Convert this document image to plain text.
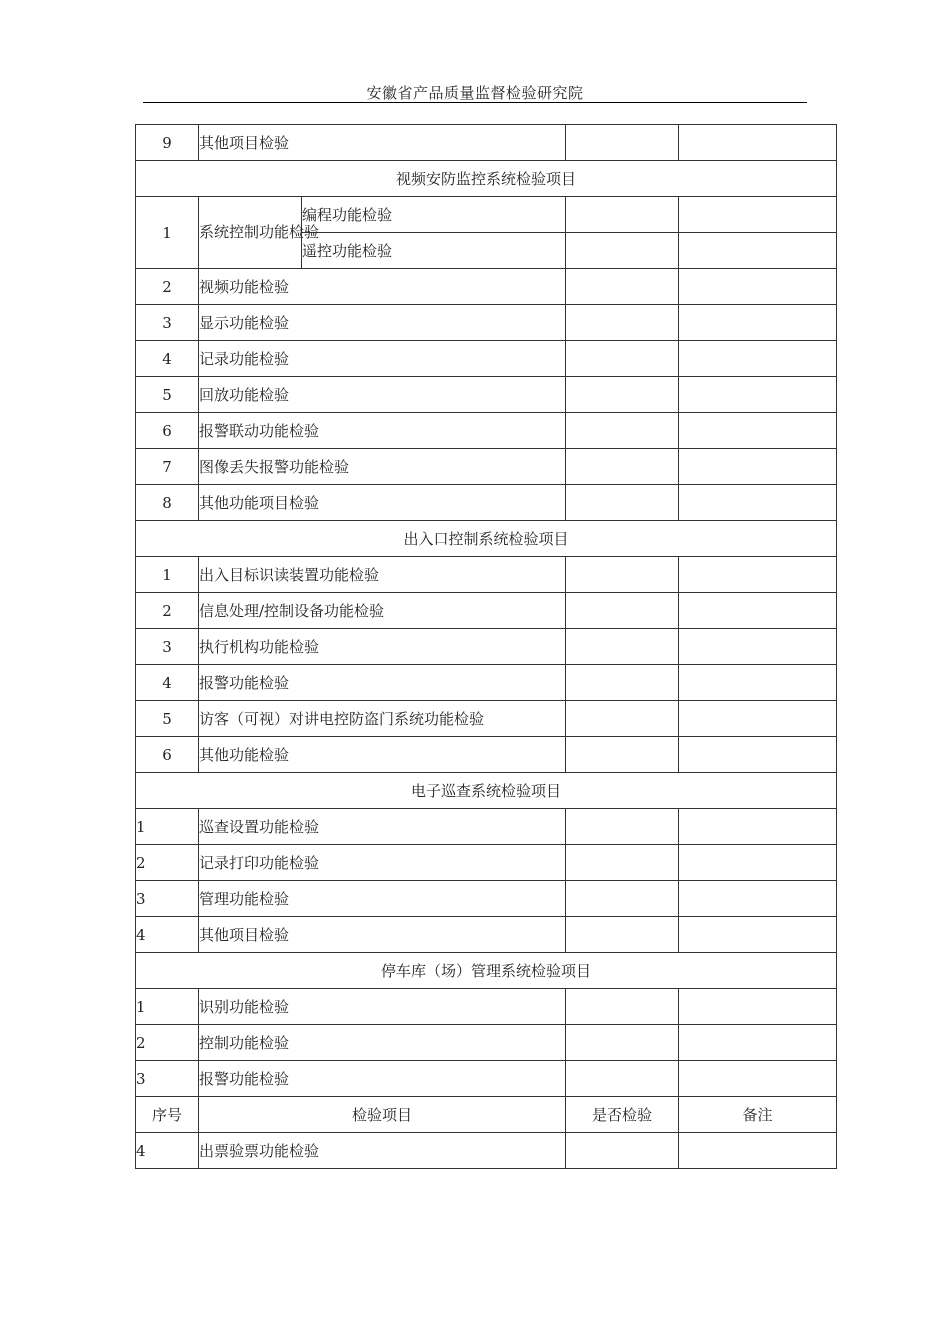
安徽省产品质量监督检验研究院
9	其他项目检验			
视频安防监控系统检验项目				
1	系统控制功能检验	编程功能检验		
		遥控功能检验		
2	视频功能检验			
3	显示功能检验			
4	记录功能检验			
5	回放功能检验			
6	报警联动功能检验			
7	图像丢失报警功能检验			
8	其他功能项目检验			
出入口控制系统检验项目				
1	出入目标识读装置功能检验			
2	信息处理/控制设备功能检验			
3	执行机构功能检验			
4	报警功能检验			
5	访客（可视）对讲电控防盗门系统功能检验			
6	其他功能检验			
电子巡查系统检验项目				
1	巡查设置功能检验			
2	记录打印功能检验			
3	管理功能检验			
4	其他项目检验			
停车库（场）管理系统检验项目				
1	识别功能检验			
2	控制功能检验			
3	报警功能检验			
序号	检验项目		是否检验	备注
4	出票验票功能检验			
